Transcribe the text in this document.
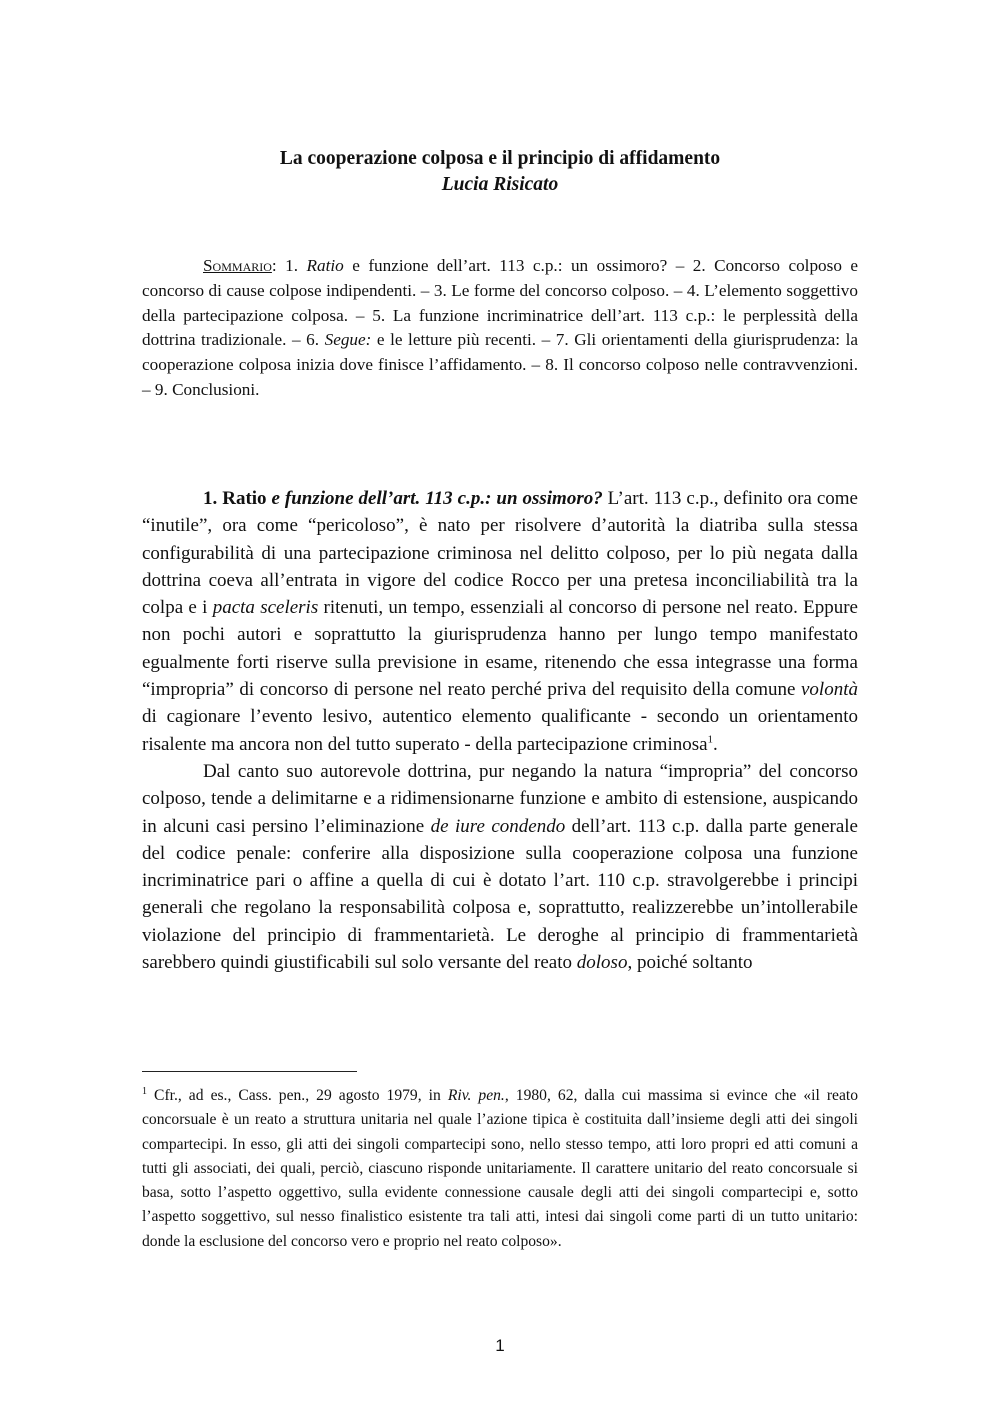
La cooperazione colposa e il principio di affidamento

Lucia Risicato

Sommario: 1. Ratio e funzione dell’art. 113 c.p.: un ossimoro? – 2. Concorso colposo e concorso di cause colpose indipendenti. – 3. Le forme del concorso colposo. – 4. L’elemento soggettivo della partecipazione colposa. – 5. La funzione incriminatrice dell’art. 113 c.p.: le perplessità della dottrina tradizionale. – 6. Segue: e le letture più recenti. – 7. Gli orientamenti della giurisprudenza: la cooperazione colposa inizia dove finisce l’affidamento. – 8. Il concorso colposo nelle contravvenzioni. – 9. Conclusioni.

1. Ratio e funzione dell’art. 113 c.p.: un ossimoro? L’art. 113 c.p., definito ora come “inutile”, ora come “pericoloso”, è nato per risolvere d’autorità la diatriba sulla stessa configurabilità di una partecipazione criminosa nel delitto colposo, per lo più negata dalla dottrina coeva all’entrata in vigore del codice Rocco per una pretesa inconciliabilità tra la colpa e i pacta sceleris ritenuti, un tempo, essenziali al concorso di persone nel reato. Eppure non pochi autori e soprattutto la giurisprudenza hanno per lungo tempo manifestato egualmente forti riserve sulla previsione in esame, ritenendo che essa integrasse una forma “impropria” di concorso di persone nel reato perché priva del requisito della comune volontà di cagionare l’evento lesivo, autentico elemento qualificante - secondo un orientamento risalente ma ancora non del tutto superato - della partecipazione criminosa$^1$.

Dal canto suo autorevole dottrina, pur negando la natura “impropria” del concorso colposo, tende a delimitarne e a ridimensionarne funzione e ambito di estensione, auspicando in alcuni casi persino l’eliminazione de iure condendo dell’art. 113 c.p. dalla parte generale del codice penale: conferire alla disposizione sulla cooperazione colposa una funzione incriminatrice pari o affine a quella di cui è dotato l’art. 110 c.p. stravolgerebbe i principi generali che regolano la responsabilità colposa e, soprattutto, realizzerebbe un’intollerabile violazione del principio di frammentarietà. Le deroghe al principio di frammentarietà sarebbero quindi giustificabili sul solo versante del reato doloso, poiché soltanto

$^1$ Cfr., ad es., Cass. pen., 29 agosto 1979, in Riv. pen., 1980, 62, dalla cui massima si evince che «il reato concorsuale è un reato a struttura unitaria nel quale l’azione tipica è costituita dall’insieme degli atti dei singoli compartecipi. In esso, gli atti dei singoli compartecipi sono, nello stesso tempo, atti loro propri ed atti comuni a tutti gli associati, dei quali, perciò, ciascuno risponde unitariamente. Il carattere unitario del reato concorsuale si basa, sotto l’aspetto oggettivo, sulla evidente connessione causale degli atti dei singoli compartecipi e, sotto l’aspetto soggettivo, sul nesso finalistico esistente tra tali atti, intesi dai singoli come parti di un tutto unitario: donde la esclusione del concorso vero e proprio nel reato colposo».

1
